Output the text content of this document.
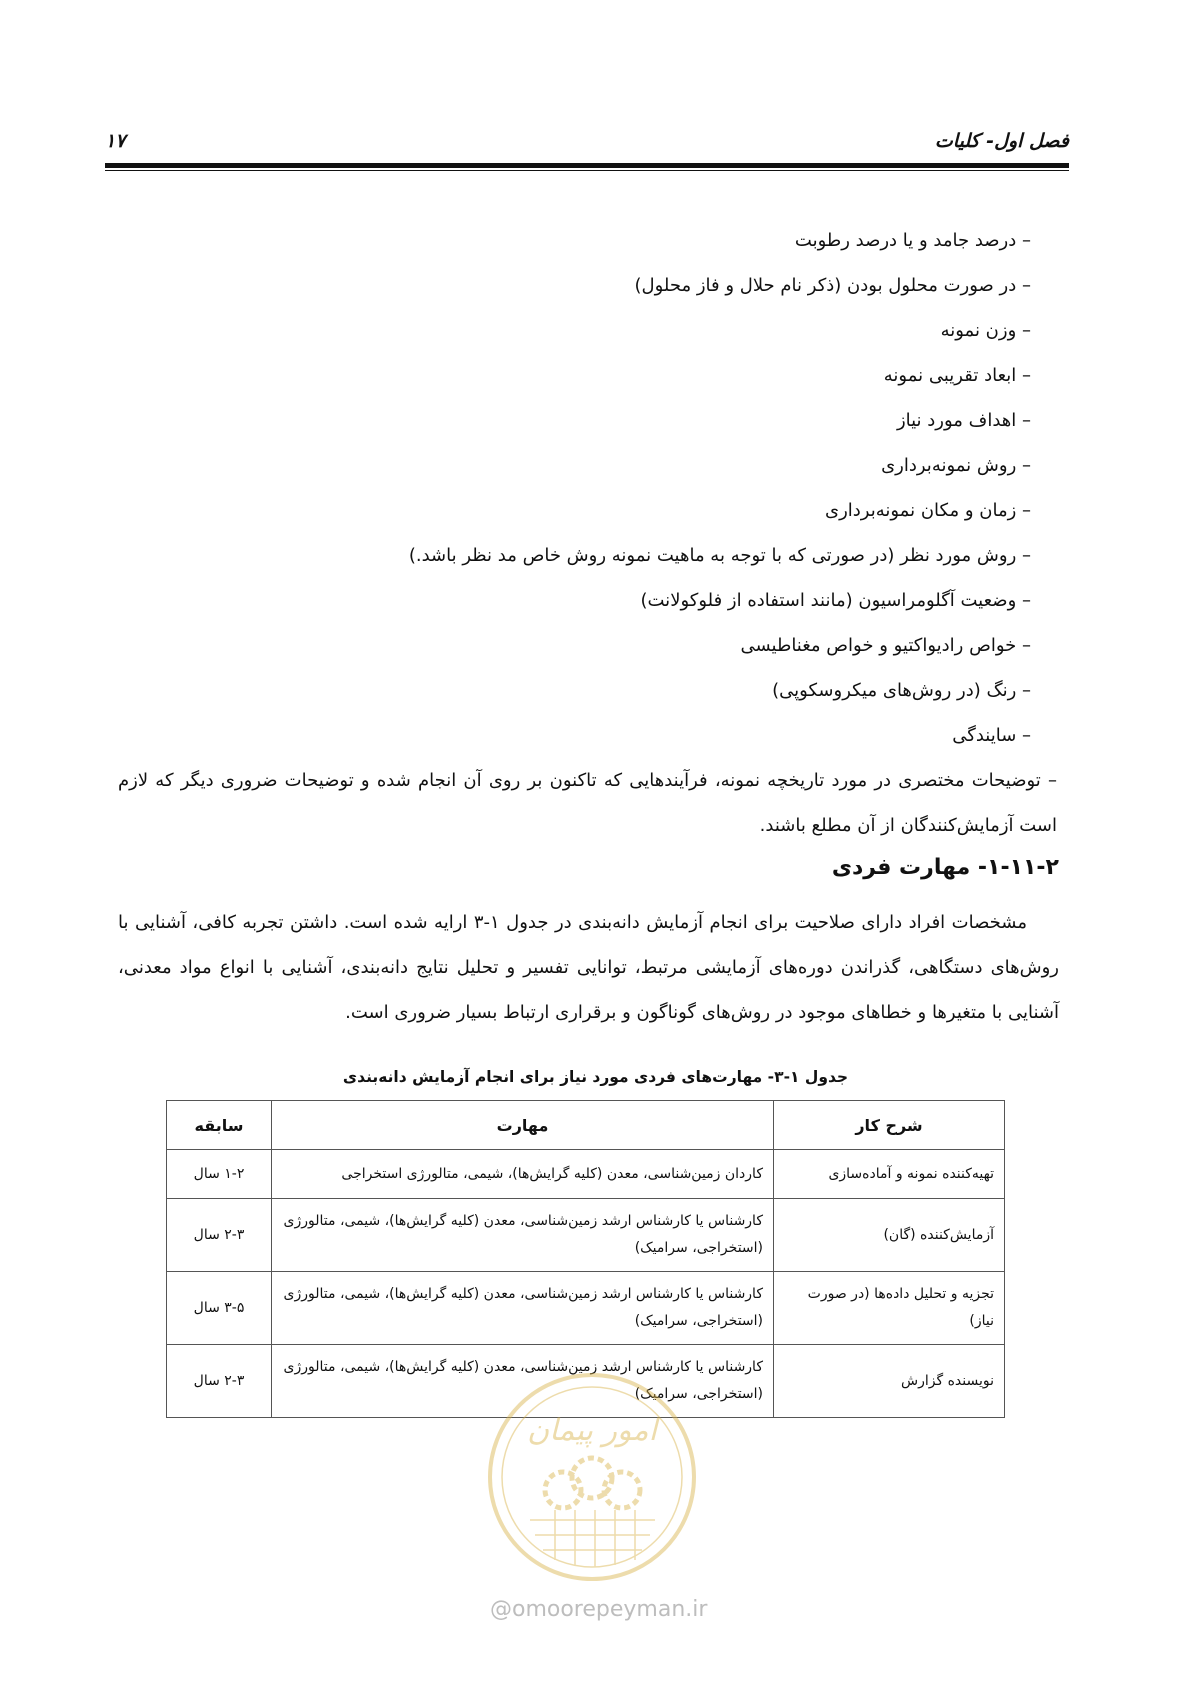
فصل اول- کلیات
۱۷
– درصد جامد و یا درصد رطوبت
– در صورت محلول بودن (ذکر نام حلال و فاز محلول)
– وزن نمونه
– ابعاد تقریبی نمونه
– اهداف مورد نیاز
– روش نمونه‌برداری
– زمان و مکان نمونه‌برداری
– روش مورد نظر (در صورتی که با توجه به ماهیت نمونه روش خاص مد نظر باشد.)
– وضعیت آگلومراسیون (مانند استفاده از فلوکولانت)
– خواص رادیواکتیو و خواص مغناطیسی
– رنگ (در روش‌های میکروسکوپی)
– سایندگی
– توضیحات مختصری در مورد تاریخچه نمونه، فرآیندهایی که تاکنون بر روی آن انجام شده و توضیحات ضروری دیگر که لازم است آزمایش‌کنندگان از آن مطلع باشند.
۱-۱۱-۲- مهارت فردی

مشخصات افراد دارای صلاحیت برای انجام آزمایش دانه‌بندی در جدول ۱-۳ ارایه شده است. داشتن تجربه کافی، آشنایی با روش‌های دستگاهی، گذراندن دوره‌های آزمایشی مرتبط، توانایی تفسیر و تحلیل نتایج دانه‌بندی، آشنایی با انواع مواد معدنی، آشنایی با متغیرها و خطاهای موجود در روش‌های گوناگون و برقراری ارتباط بسیار ضروری است.

جدول ۱-۳- مهارت‌های فردی مورد نیاز برای انجام آزمایش دانه‌بندی
شرح کار	مهارت	سابقه
تهیه‌کننده نمونه و آماده‌سازی	کاردان زمین‌شناسی، معدن (کلیه گرایش‌ها)، شیمی، متالورژی استخراجی	۱-۲ سال
آزمایش‌کننده (گان)	کارشناس یا کارشناس ارشد زمین‌شناسی، معدن (کلیه گرایش‌ها)، شیمی، متالورژی (استخراجی، سرامیک)	۲-۳ سال
تجزیه و تحلیل داده‌ها (در صورت نیاز)	کارشناس یا کارشناس ارشد زمین‌شناسی، معدن (کلیه گرایش‌ها)، شیمی، متالورژی (استخراجی، سرامیک)	۳-۵ سال
نویسنده گزارش	کارشناس یا کارشناس ارشد زمین‌شناسی، معدن (کلیه گرایش‌ها)، شیمی، متالورژی (استخراجی، سرامیک)	۲-۳ سال
امور پیمان
@omoorepeyman.ir
